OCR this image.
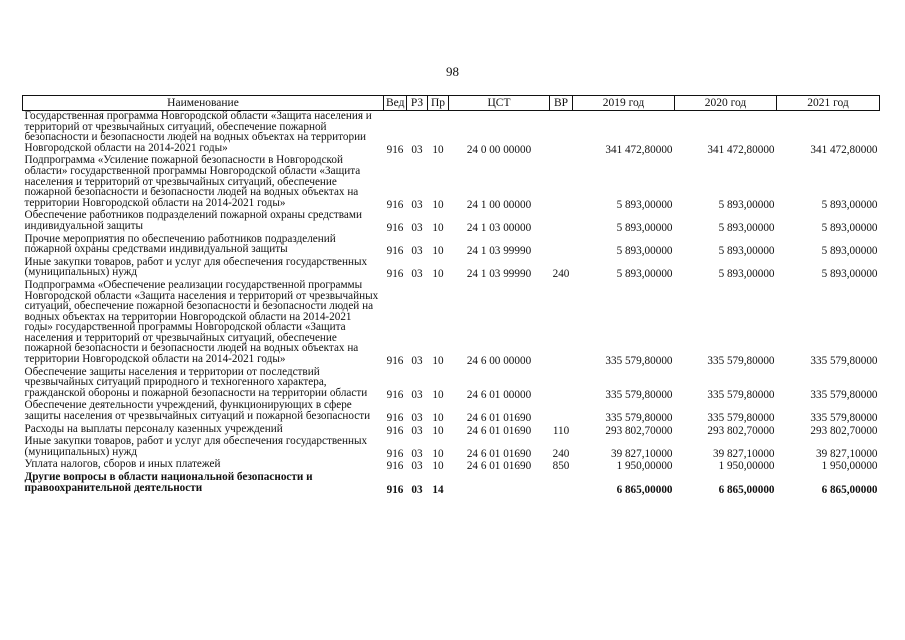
98
Наименование	Вед	РЗ	Пр	ЦСТ	ВР	2019 год	2020 год	2021 год
Государственная программа Новгородской области «Защита населения и территорий от чрезвычайных ситуаций, обеспечение пожарной безопасности и безопасности людей на водных объектах на территории Новгородской области на 2014-2021 годы»	916	03	10	24 0 00 00000		341 472,80000	341 472,80000	341 472,80000
Подпрограмма «Усиление пожарной безопасности в Новгородской области» государственной программы Новгородской области «Защита населения и территорий от чрезвычайных ситуаций, обеспечение пожарной безопасности и безопасности людей на водных объектах на территории Новгородской области на 2014-2021 годы»	916	03	10	24 1 00 00000		5 893,00000	5 893,00000	5 893,00000
Обеспечение работников подразделений пожарной охраны средствами индивидуальной защиты	916	03	10	24 1 03 00000		5 893,00000	5 893,00000	5 893,00000
Прочие мероприятия по обеспечению работников подразделений пожарной охраны средствами индивидуальной защиты	916	03	10	24 1 03 99990		5 893,00000	5 893,00000	5 893,00000
Иные закупки товаров, работ и услуг для обеспечения государственных (муниципальных) нужд	916	03	10	24 1 03 99990	240	5 893,00000	5 893,00000	5 893,00000
Подпрограмма «Обеспечение реализации государственной программы Новгородской области «Защита населения и территорий от чрезвычайных ситуаций, обеспечение пожарной безопасности и безопасности людей на водных объектах на территории Новгородской области на 2014-2021 годы» государственной программы Новгородской области «Защита населения и территорий от чрезвычайных ситуаций, обеспечение пожарной безопасности и безопасности людей на водных объектах на территории Новгородской области на 2014-2021 годы»	916	03	10	24 6 00 00000		335 579,80000	335 579,80000	335 579,80000
Обеспечение защиты населения и территории от последствий чрезвычайных ситуаций природного и техногенного характера, гражданской обороны и пожарной безопасности на территории области	916	03	10	24 6 01 00000		335 579,80000	335 579,80000	335 579,80000
Обеспечение деятельности учреждений, функционирующих в сфере защиты населения от чрезвычайных ситуаций и пожарной безопасности	916	03	10	24 6 01 01690		335 579,80000	335 579,80000	335 579,80000
Расходы на выплаты персоналу казенных учреждений	916	03	10	24 6 01 01690	110	293 802,70000	293 802,70000	293 802,70000
Иные закупки товаров, работ и услуг для обеспечения государственных (муниципальных) нужд	916	03	10	24 6 01 01690	240	39 827,10000	39 827,10000	39 827,10000
Уплата налогов, сборов и иных платежей	916	03	10	24 6 01 01690	850	1 950,00000	1 950,00000	1 950,00000
Другие вопросы в области национальной безопасности и правоохранительной деятельности	916	03	14			6 865,00000	6 865,00000	6 865,00000
